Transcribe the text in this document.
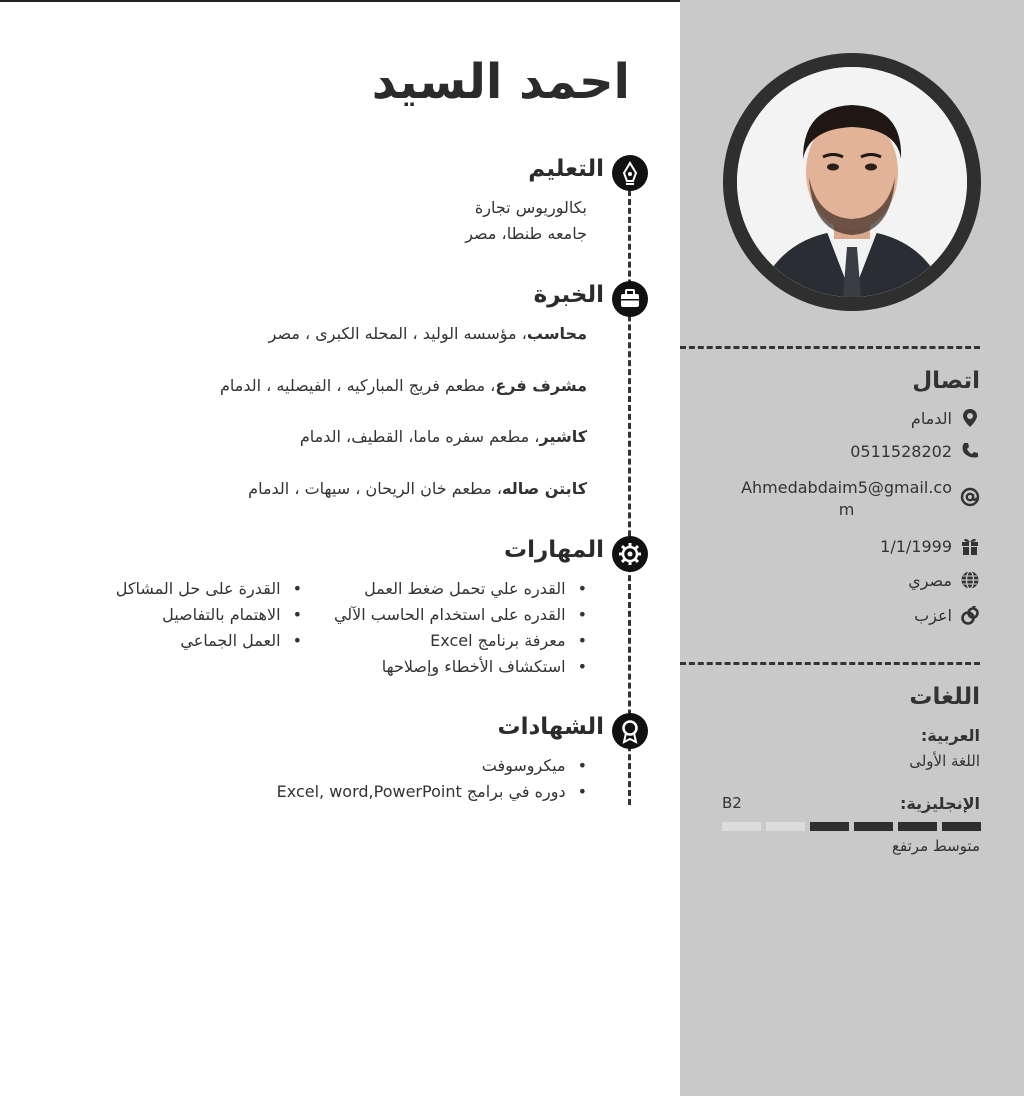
اتصال
الدمام
0511528202
Ahmedabdaim5@gmail.co
m
1/1/1999
مصري
اعزب
اللغات
العربية:
اللغة الأولى
الإنجليزية:
B2
متوسط مرتفع
احمد السيد
التعليم
بكالوريوس تجارة
جامعه طنطا، مصر
الخبرة
محاسب، مؤسسه الوليد ، المحله الكبرى ، مصر
مشرف فرع، مطعم فريج المباركيه ، الفيصليه ، الدمام
كاشير، مطعم سفره ماما، القطيف، الدمام
كابتن صاله، مطعم خان الريحان ، سيهات ، الدمام
المهارات
• القدره علي تحمل ضغط العمل
• القدره على استخدام الحاسب الآلي
• معرفة برنامج Excel
• استكشاف الأخطاء وإصلاحها
• القدرة على حل المشاكل
• الاهتمام بالتفاصيل
• العمل الجماعي
الشهادات
• ميكروسوفت
• دوره في برامج Excel, word,PowerPoint
